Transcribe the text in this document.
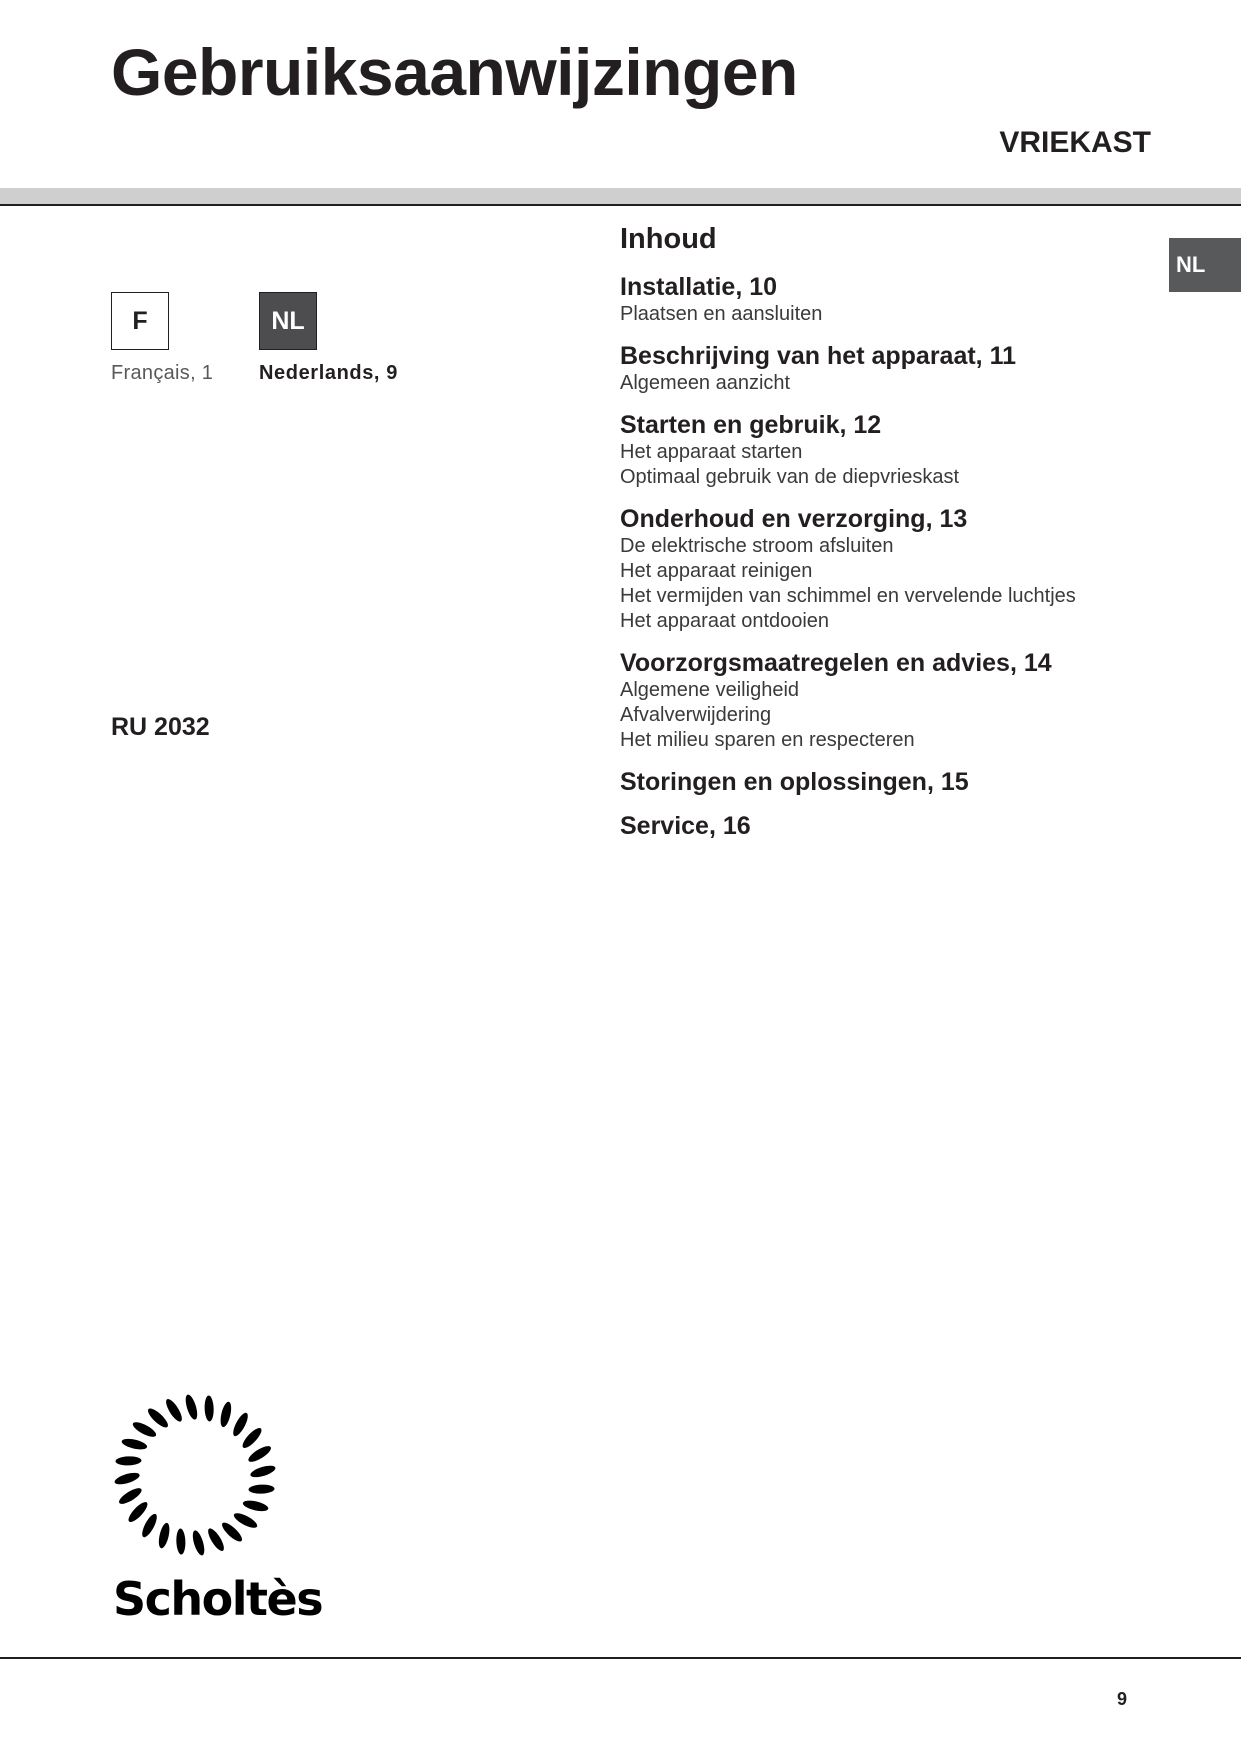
Gebruiksaanwijzingen
VRIEKAST
F	NL
Français, 1 Nederlands, 9
RU 2032
NL
Inhoud
Installatie, 10
Plaatsen en aansluiten
Beschrijving van het apparaat, 11
Algemeen aanzicht
Starten en gebruik, 12
Het apparaat starten
Optimaal gebruik van de diepvrieskast
Onderhoud en verzorging, 13
De elektrische stroom afsluiten
Het apparaat reinigen
Het vermijden van schimmel en vervelende luchtjes
Het apparaat ontdooien
Voorzorgsmaatregelen en advies, 14
Algemene veiligheid
Afvalverwijdering
Het milieu sparen en respecteren
Storingen en oplossingen, 15
Service, 16
Scholtès
9
